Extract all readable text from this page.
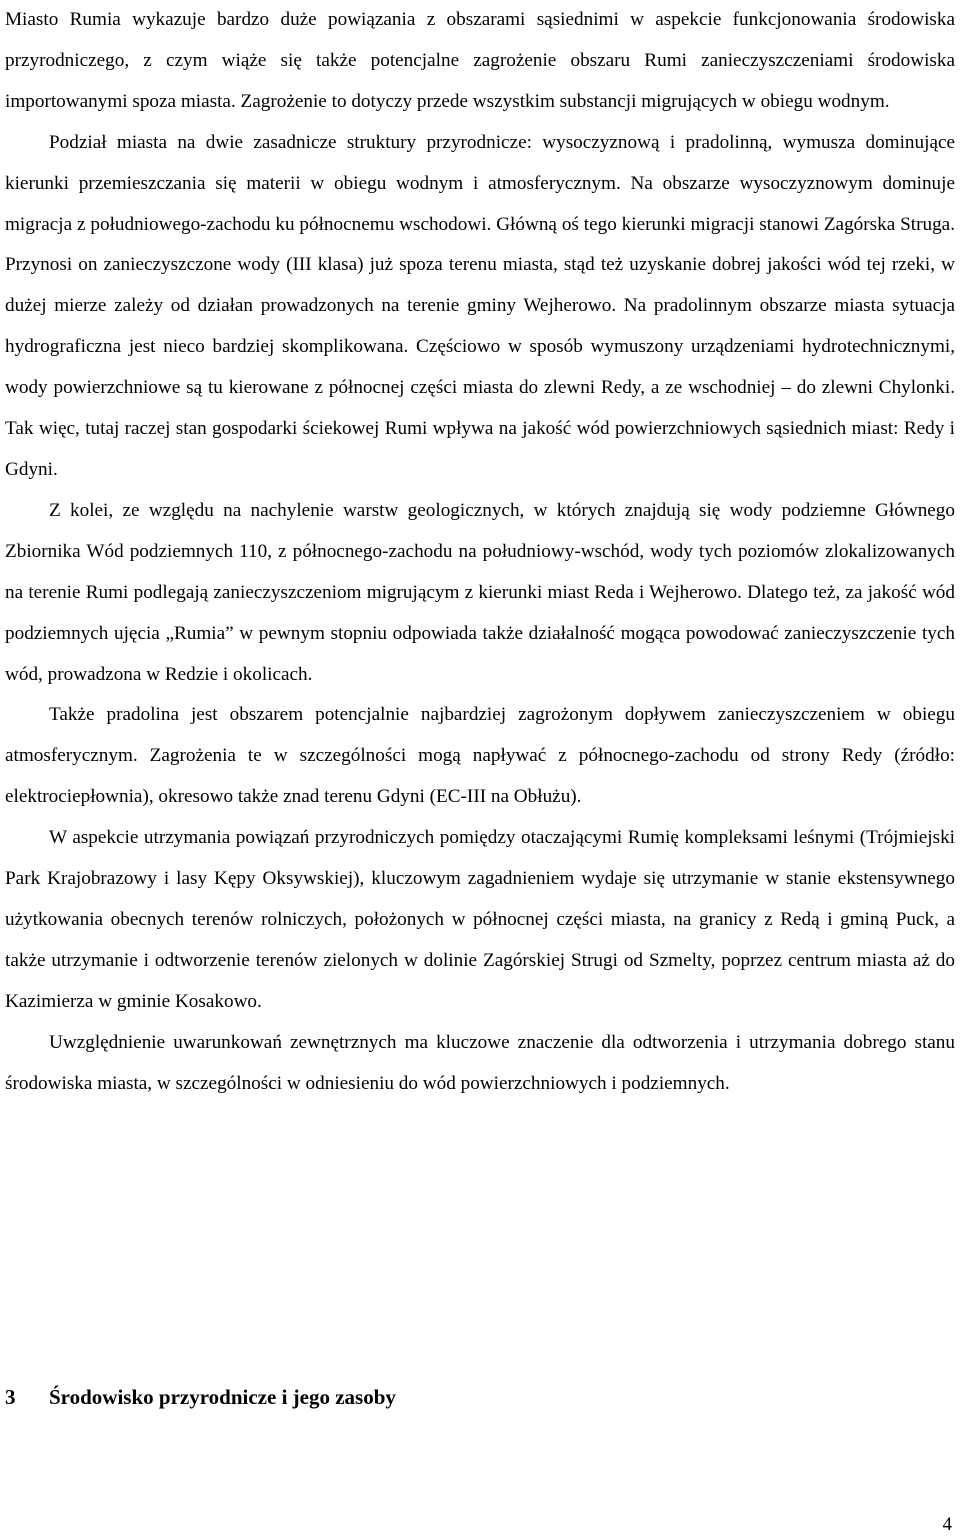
Miasto Rumia wykazuje bardzo duże powiązania z obszarami sąsiednimi w aspekcie funkcjonowania środowiska przyrodniczego, z czym wiąże się także potencjalne zagrożenie obszaru Rumi zanieczyszczeniami środowiska importowanymi spoza miasta. Zagrożenie to dotyczy przede wszystkim substancji migrujących w obiegu wodnym.

Podział miasta na dwie zasadnicze struktury przyrodnicze: wysoczyznową i pradolinną, wymusza dominujące kierunki przemieszczania się materii w obiegu wodnym i atmosferycznym. Na obszarze wysoczyznowym dominuje migracja z południowego-zachodu ku północnemu wschodowi. Główną oś tego kierunki migracji stanowi Zagórska Struga. Przynosi on zanieczyszczone wody (III klasa) już spoza terenu miasta, stąd też uzyskanie dobrej jakości wód tej rzeki, w dużej mierze zależy od działan prowadzonych na terenie gminy Wejherowo. Na pradolinnym obszarze miasta sytuacja hydrograficzna jest nieco bardziej skomplikowana. Częściowo w sposób wymuszony urządzeniami hydrotechnicznymi, wody powierzchniowe są tu kierowane z północnej części miasta do zlewni Redy, a ze wschodniej – do zlewni Chylonki. Tak więc, tutaj raczej stan gospodarki ściekowej Rumi wpływa na jakość wód powierzchniowych sąsiednich miast: Redy i Gdyni.

Z kolei, ze względu na nachylenie warstw geologicznych, w których znajdują się wody podziemne Głównego Zbiornika Wód podziemnych 110, z północnego-zachodu na południowy-wschód, wody tych poziomów zlokalizowanych na terenie Rumi podlegają zanieczyszczeniom migrującym z kierunki miast Reda i Wejherowo. Dlatego też, za jakość wód podziemnych ujęcia „Rumia” w pewnym stopniu odpowiada także działalność mogąca powodować zanieczyszczenie tych wód, prowadzona w Redzie i okolicach.

Także pradolina jest obszarem potencjalnie najbardziej zagrożonym dopływem zanieczyszczeniem w obiegu atmosferycznym. Zagrożenia te w szczególności mogą napływać z północnego-zachodu od strony Redy (źródło: elektrociepłownia), okresowo także znad terenu Gdyni (EC-III na Obłużu).

W aspekcie utrzymania powiązań przyrodniczych pomiędzy otaczającymi Rumię kompleksami leśnymi (Trójmiejski Park Krajobrazowy i lasy Kępy Oksywskiej), kluczowym zagadnieniem wydaje się utrzymanie w stanie ekstensywnego użytkowania obecnych terenów rolniczych, położonych w północnej części miasta, na granicy z Redą i gminą Puck, a także utrzymanie i odtworzenie terenów zielonych w dolinie Zagórskiej Strugi od Szmelty, poprzez centrum miasta aż do Kazimierza w gminie Kosakowo.

Uwzględnienie uwarunkowań zewnętrznych ma kluczowe znaczenie dla odtworzenia i utrzymania dobrego stanu środowiska miasta, w szczególności w odniesieniu do wód powierzchniowych i podziemnych.

3 Środowisko przyrodnicze i jego zasoby
4
